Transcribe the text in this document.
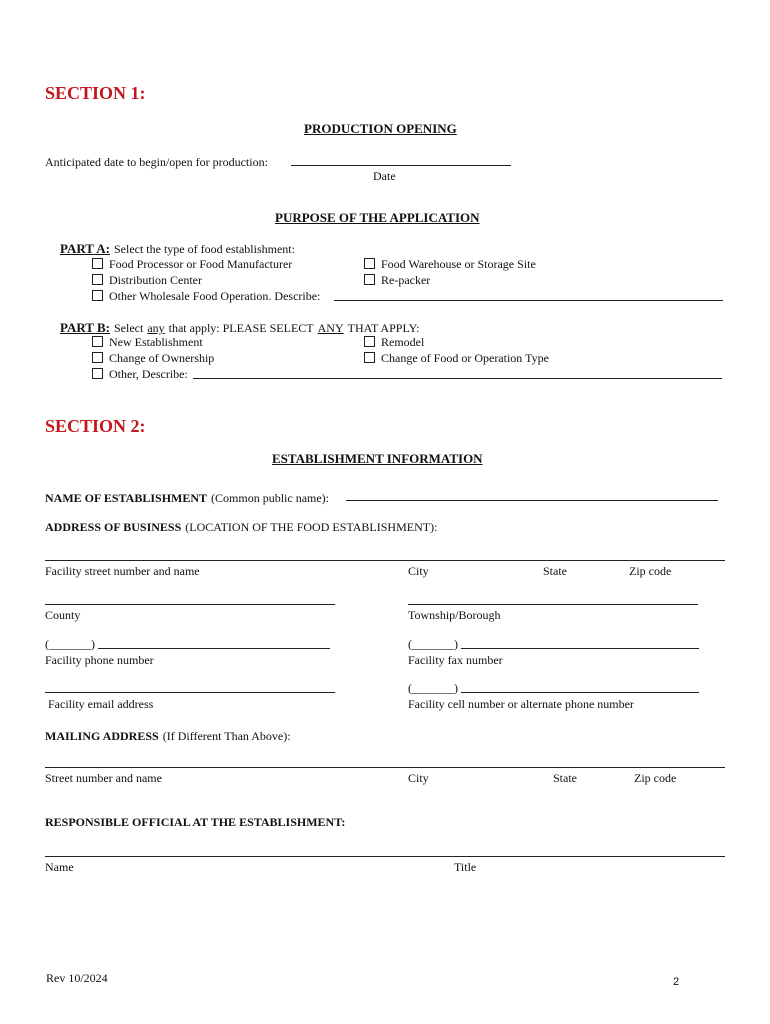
SECTION 1:
PRODUCTION OPENING
Anticipated date to begin/open for production:
Date
PURPOSE OF THE APPLICATION
PART A: Select the type of food establishment:
Food Processor or Food Manufacturer
Distribution Center
Other Wholesale Food Operation. Describe:
Food Warehouse or Storage Site
Re-packer
PART B: Select any that apply: PLEASE SELECT ANY THAT APPLY:
New Establishment
Change of Ownership
Other, Describe:
Remodel
Change of Food or Operation Type
SECTION 2:
ESTABLISHMENT INFORMATION
NAME OF ESTABLISHMENT (Common public name):
ADDRESS OF BUSINESS (LOCATION OF THE FOOD ESTABLISHMENT):
Facility street number and name	City	State	Zip code
County	Township/Borough
(_______)
Facility phone number
(_______)
Facility fax number
Facility email address
(_______)
Facility cell number or alternate phone number
MAILING ADDRESS (If Different Than Above):
Street number and name	City	State	Zip code
RESPONSIBLE OFFICIAL AT THE ESTABLISHMENT:
Name	Title
Rev 10/2024	2
